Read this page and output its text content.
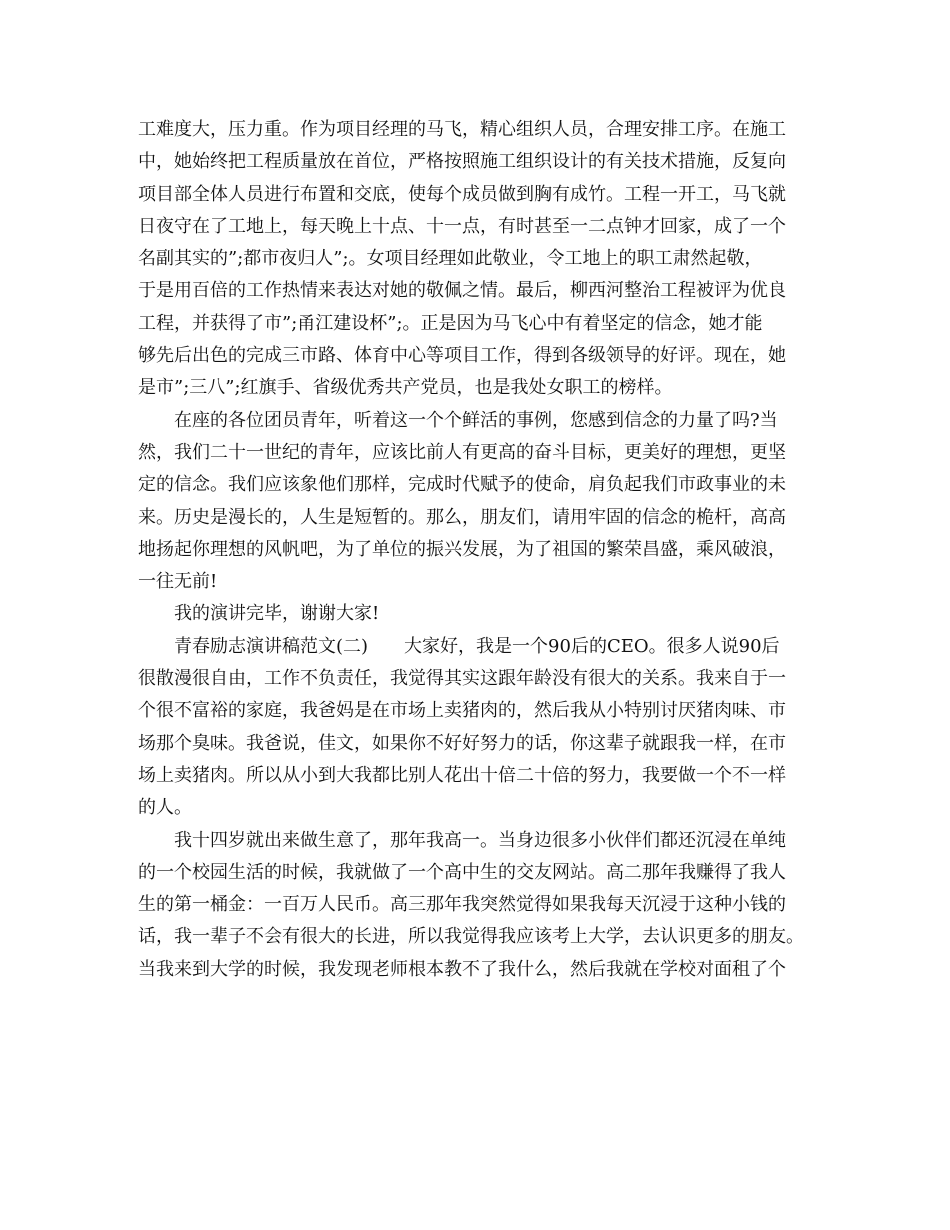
工难度大，压力重。作为项目经理的马飞，精心组织人员，合理安排工序。在施工
中，她始终把工程质量放在首位，严格按照施工组织设计的有关技术措施，反复向
项目部全体人员进行布置和交底，使每个成员做到胸有成竹。工程一开工，马飞就
日夜守在了工地上，每天晚上十点、十一点，有时甚至一二点钟才回家，成了一个
名副其实的”;都市夜归人”;。女项目经理如此敬业，令工地上的职工肃然起敬，
于是用百倍的工作热情来表达对她的敬佩之情。最后，柳西河整治工程被评为优良
工程，并获得了市”;甬江建设杯”;。正是因为马飞心中有着坚定的信念，她才能
够先后出色的完成三市路、体育中心等项目工作，得到各级领导的好评。现在，她
是市”;三八”;红旗手、省级优秀共产党员，也是我处女职工的榜样。
在座的各位团员青年，听着这一个个鲜活的事例，您感到信念的力量了吗?当
然，我们二十一世纪的青年，应该比前人有更高的奋斗目标，更美好的理想，更坚
定的信念。我们应该象他们那样，完成时代赋予的使命，肩负起我们市政事业的未
来。历史是漫长的，人生是短暂的。那么，朋友们，请用牢固的信念的桅杆，高高
地扬起你理想的风帆吧，为了单位的振兴发展，为了祖国的繁荣昌盛，乘风破浪，
一往无前!
我的演讲完毕，谢谢大家!
青春励志演讲稿范文(二)　　大家好，我是一个90后的CEO。很多人说90后
很散漫很自由，工作不负责任，我觉得其实这跟年龄没有很大的关系。我来自于一
个很不富裕的家庭，我爸妈是在市场上卖猪肉的，然后我从小特别讨厌猪肉味、市
场那个臭味。我爸说，佳文，如果你不好好努力的话，你这辈子就跟我一样，在市
场上卖猪肉。所以从小到大我都比别人花出十倍二十倍的努力，我要做一个不一样
的人。
我十四岁就出来做生意了，那年我高一。当身边很多小伙伴们都还沉浸在单纯
的一个校园生活的时候，我就做了一个高中生的交友网站。高二那年我赚得了我人
生的第一桶金：一百万人民币。高三那年我突然觉得如果我每天沉浸于这种小钱的
话，我一辈子不会有很大的长进，所以我觉得我应该考上大学，去认识更多的朋友。
当我来到大学的时候，我发现老师根本教不了我什么，然后我就在学校对面租了个
